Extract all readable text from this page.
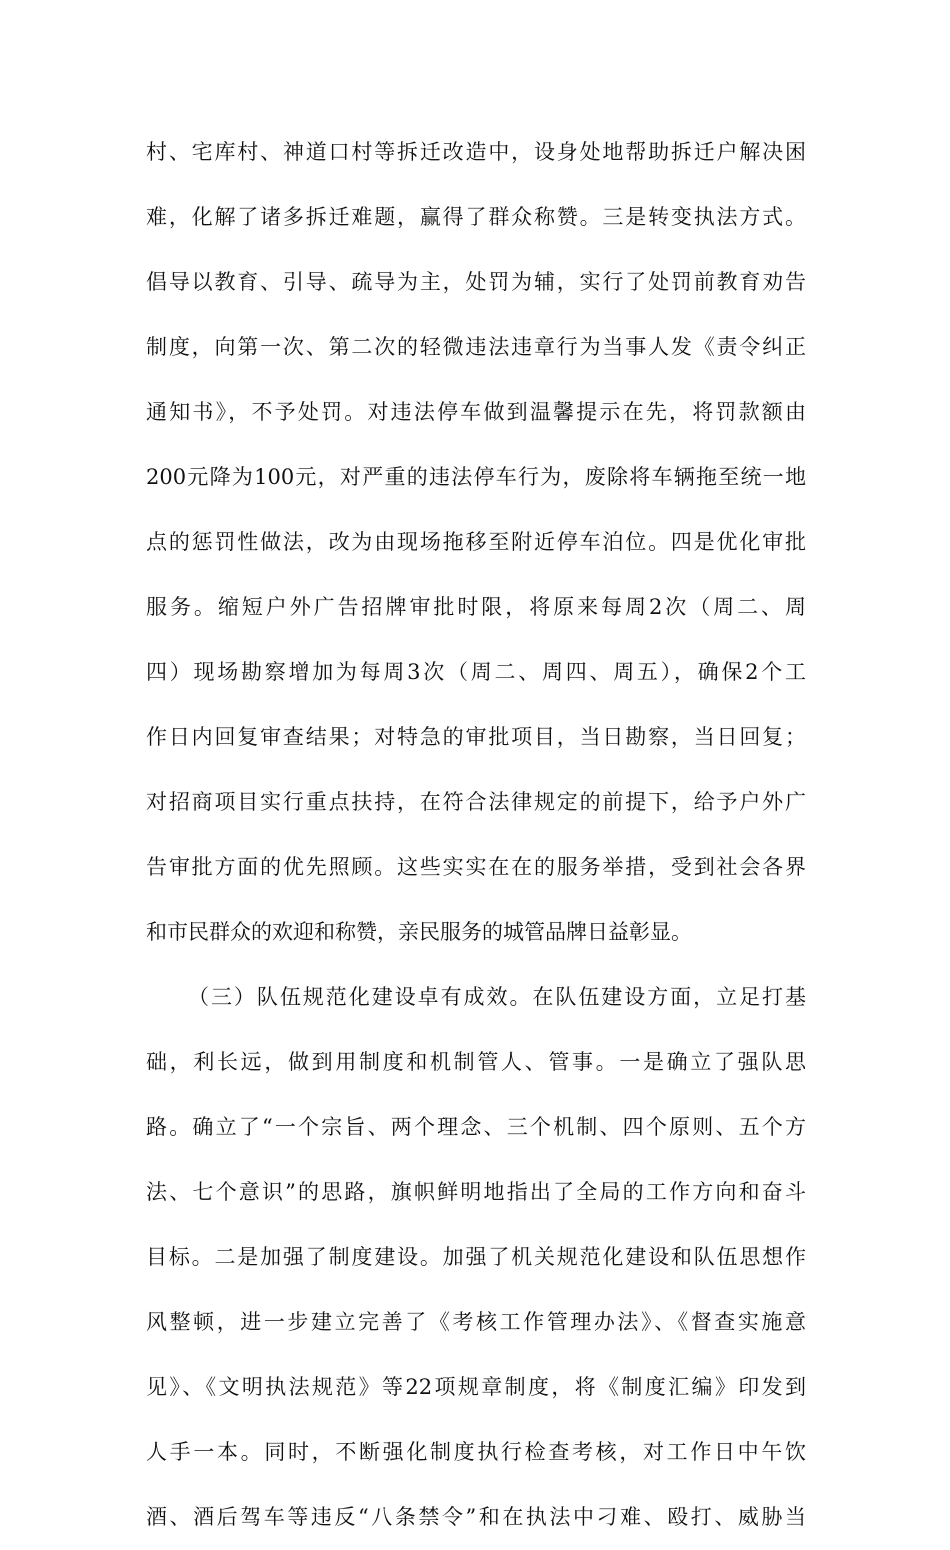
村、宅库村、神道口村等拆迁改造中，设身处地帮助拆迁户解决困
难，化解了诸多拆迁难题，赢得了群众称赞。三是转变执法方式。
倡导以教育、引导、疏导为主，处罚为辅，实行了处罚前教育劝告
制度，向第一次、第二次的轻微违法违章行为当事人发《责令纠正
通知书》，不予处罚。对违法停车做到温馨提示在先，将罚款额由
200元降为100元，对严重的违法停车行为，废除将车辆拖至统一地
点的惩罚性做法，改为由现场拖移至附近停车泊位。四是优化审批
服务。缩短户外广告招牌审批时限，将原来每周2次（周二、周
四）现场勘察增加为每周3次（周二、周四、周五），确保2个工
作日内回复审查结果；对特急的审批项目，当日勘察，当日回复；
对招商项目实行重点扶持，在符合法律规定的前提下，给予户外广
告审批方面的优先照顾。这些实实在在的服务举措，受到社会各界
和市民群众的欢迎和称赞，亲民服务的城管品牌日益彰显。
（三）队伍规范化建设卓有成效。在队伍建设方面，立足打基
础，利长远，做到用制度和机制管人、管事。一是确立了强队思
路。确立了“一个宗旨、两个理念、三个机制、四个原则、五个方
法、七个意识”的思路，旗帜鲜明地指出了全局的工作方向和奋斗
目标。二是加强了制度建设。加强了机关规范化建设和队伍思想作
风整顿，进一步建立完善了《考核工作管理办法》、《督查实施意
见》、《文明执法规范》等22项规章制度，将《制度汇编》印发到
人手一本。同时，不断强化制度执行检查考核，对工作日中午饮
酒、酒后驾车等违反“八条禁令”和在执法中刁难、殴打、威胁当
